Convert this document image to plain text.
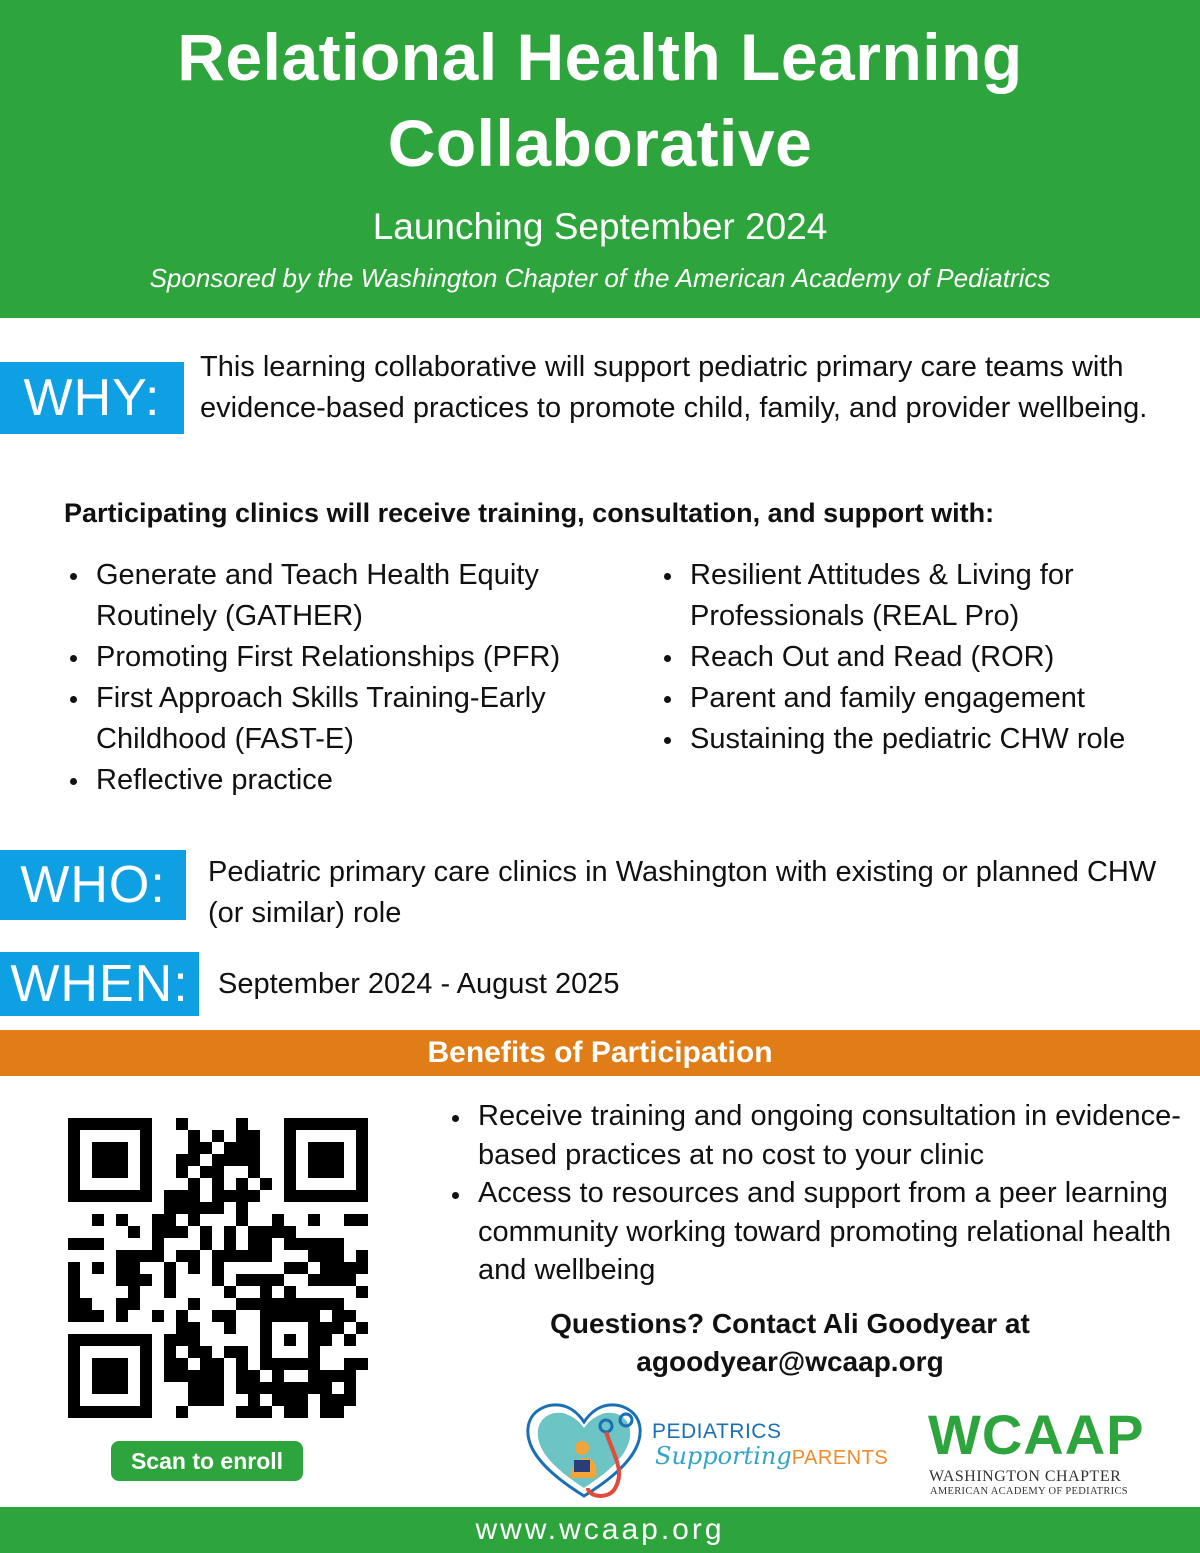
Relational Health Learning Collaborative
Launching September 2024
Sponsored by the Washington Chapter of the American Academy of Pediatrics
WHY:
This learning collaborative will support pediatric primary care teams with evidence-based practices to promote child, family, and provider wellbeing.
Participating clinics will receive training, consultation, and support with:
Generate and Teach Health Equity Routinely (GATHER)
Promoting First Relationships (PFR)
First Approach Skills Training-Early Childhood (FAST-E)
Reflective practice
Resilient Attitudes & Living for Professionals (REAL Pro)
Reach Out and Read (ROR)
Parent and family engagement
Sustaining the pediatric CHW role
WHO:	Pediatric primary care clinics in Washington with existing or planned CHW (or similar) role
WHEN:	September 2024 - August 2025
Benefits of Participation
Scan to enroll
Receive training and ongoing consultation in evidence-based practices at no cost to your clinic
Access to resources and support from a peer learning community working toward promoting relational health and wellbeing
Questions? Contact Ali Goodyear at
agoodyear@wcaap.org
PEDIATRICS
SupportingPARENTS WCAAP
WASHINGTON CHAPTER
AMERICAN ACADEMY OF PEDIATRICS
www.wcaap.org
